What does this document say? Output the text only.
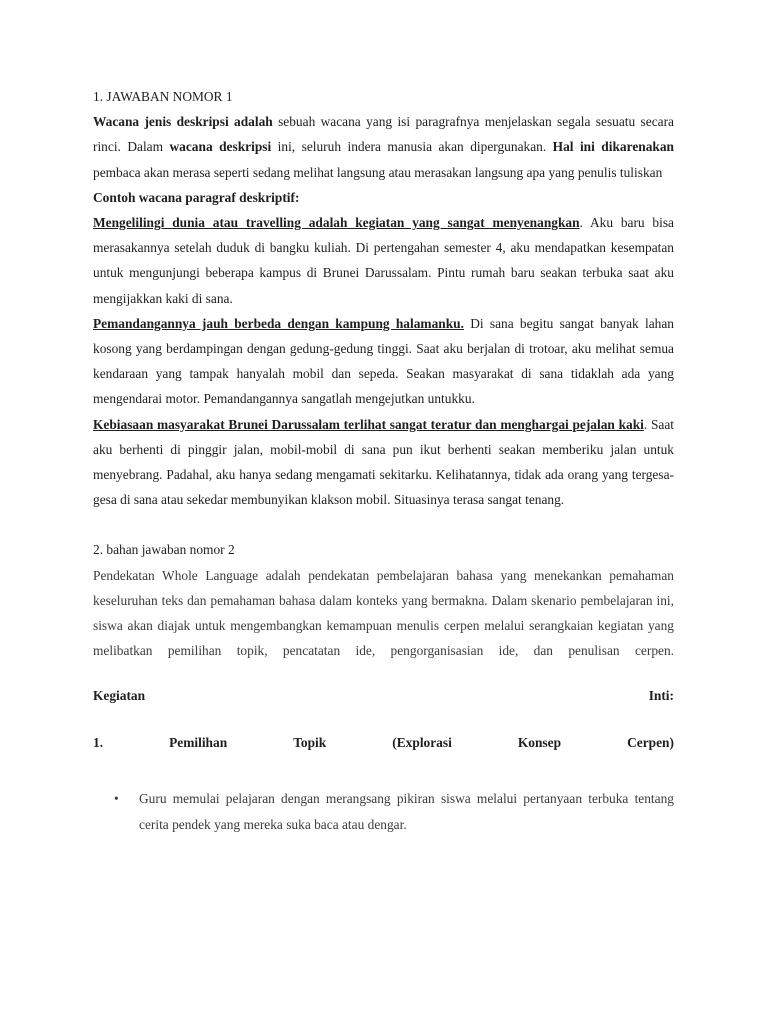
1. JAWABAN NOMOR 1

Wacana jenis deskripsi adalah sebuah wacana yang isi paragrafnya menjelaskan segala sesuatu secara rinci. Dalam wacana deskripsi ini, seluruh indera manusia akan dipergunakan. Hal ini dikarenakan pembaca akan merasa seperti sedang melihat langsung atau merasakan langsung apa yang penulis tuliskan

Contoh wacana paragraf deskriptif:

Mengelilingi dunia atau travelling adalah kegiatan yang sangat menyenangkan. Aku baru bisa merasakannya setelah duduk di bangku kuliah. Di pertengahan semester 4, aku mendapatkan kesempatan untuk mengunjungi beberapa kampus di Brunei Darussalam. Pintu rumah baru seakan terbuka saat aku mengijakkan kaki di sana.

Pemandangannya jauh berbeda dengan kampung halamanku. Di sana begitu sangat banyak lahan kosong yang berdampingan dengan gedung-gedung tinggi. Saat aku berjalan di trotoar, aku melihat semua kendaraan yang tampak hanyalah mobil dan sepeda. Seakan masyarakat di sana tidaklah ada yang mengendarai motor. Pemandangannya sangatlah mengejutkan untukku.

Kebiasaan masyarakat Brunei Darussalam terlihat sangat teratur dan menghargai pejalan kaki. Saat aku berhenti di pinggir jalan, mobil-mobil di sana pun ikut berhenti seakan memberiku jalan untuk menyebrang. Padahal, aku hanya sedang mengamati sekitarku. Kelihatannya, tidak ada orang yang tergesa-gesa di sana atau sekedar membunyikan klakson mobil. Situasinya terasa sangat tenang.

2. bahan jawaban nomor 2

Pendekatan Whole Language adalah pendekatan pembelajaran bahasa yang menekankan pemahaman keseluruhan teks dan pemahaman bahasa dalam konteks yang bermakna. Dalam skenario pembelajaran ini, siswa akan diajak untuk mengembangkan kemampuan menulis cerpen melalui serangkaian kegiatan yang melibatkan pemilihan topik, pencatatan ide, pengorganisasian ide, dan penulisan cerpen.

Kegiatan	Inti:

1.	Pemilihan	Topik	(Explorasi	Konsep	Cerpen)

• Guru memulai pelajaran dengan merangsang pikiran siswa melalui pertanyaan terbuka tentang cerita pendek yang mereka suka baca atau dengar.
